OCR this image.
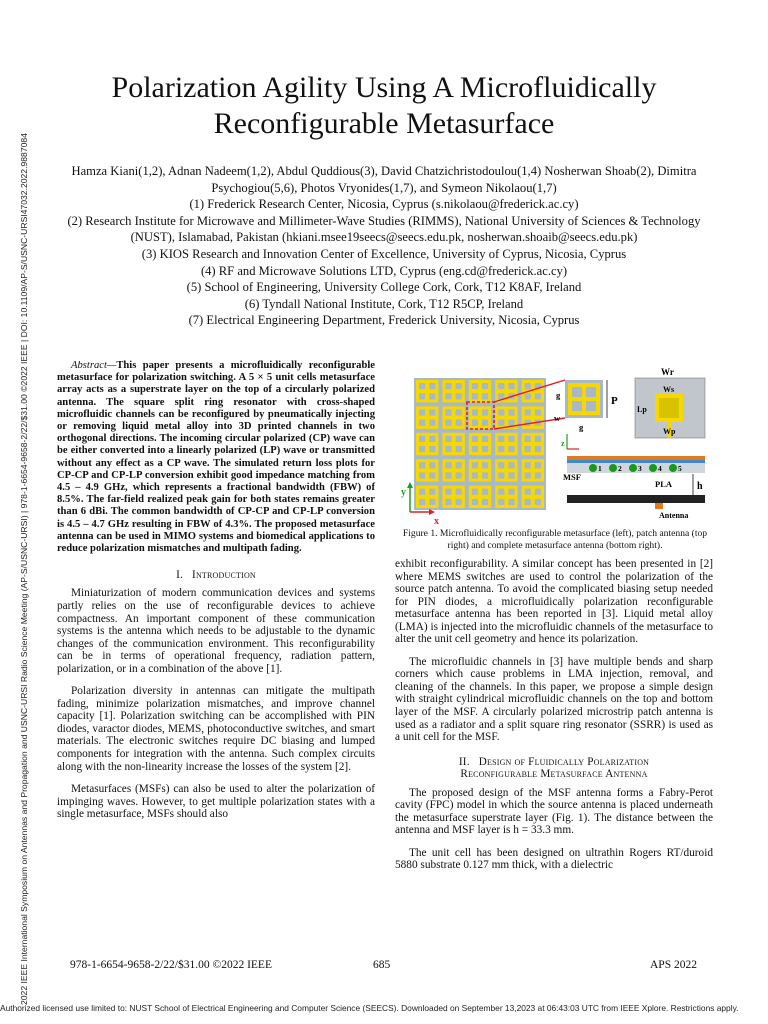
2022 IEEE International Symposium on Antennas and Propagation and USNC-URSI Radio Science Meeting (AP-S/USNC-URSI) | 978-1-6654-9658-2/22/$31.00 ©2022 IEEE | DOI: 10.1109/AP-S/USNC-URSI47032.2022.9887084
Polarization Agility Using A Microfluidically Reconfigurable Metasurface
Hamza Kiani(1,2), Adnan Nadeem(1,2), Abdul Quddious(3), David Chatzichristodoulou(1,4) Nosherwan Shoab(2), Dimitra
Psychogiou(5,6), Photos Vryonides(1,7), and Symeon Nikolaou(1,7)
(1) Frederick Research Center, Nicosia, Cyprus (s.nikolaou@frederick.ac.cy)
(2) Research Institute for Microwave and Millimeter-Wave Studies (RIMMS), National University of Sciences & Technology (NUST), Islamabad, Pakistan (hkiani.msee19seecs@seecs.edu.pk, nosherwan.shoaib@seecs.edu.pk)
(3) KIOS Research and Innovation Center of Excellence, University of Cyprus, Nicosia, Cyprus
(4) RF and Microwave Solutions LTD, Cyprus (eng.cd@frederick.ac.cy)
(5) School of Engineering, University College Cork, Cork, T12 K8AF, Ireland
(6) Tyndall National Institute, Cork, T12 R5CP, Ireland
(7) Electrical Engineering Department, Frederick University, Nicosia, Cyprus

Abstract—This paper presents a microfluidically reconfigurable metasurface for polarization switching. A 5 × 5 unit cells metasurface array acts as a superstrate layer on the top of a circularly polarized antenna. The square split ring resonator with cross-shaped microfluidic channels can be reconfigured by pneumatically injecting or removing liquid metal alloy into 3D printed channels in two orthogonal directions. The incoming circular polarized (CP) wave can be either converted into a linearly polarized (LP) wave or transmitted without any effect as a CP wave. The simulated return loss plots for CP-CP and CP-LP conversion exhibit good impedance matching from 4.5 – 4.9 GHz, which represents a fractional bandwidth (FBW) of 8.5%. The far-field realized peak gain for both states remains greater than 6 dBi. The common bandwidth of CP-CP and CP-LP conversion is 4.5 – 4.7 GHz resulting in FBW of 4.3%. The proposed metasurface antenna can be used in MIMO systems and biomedical applications to reduce polarization mismatches and multipath fading.

I. Introduction

Miniaturization of modern communication devices and systems partly relies on the use of reconfigurable devices to achieve compactness. An important component of these communication systems is the antenna which needs to be adjustable to the dynamic changes of the communication environment. This reconfigurability can be in terms of operational frequency, radiation pattern, polarization, or in a combination of the above [1].

Polarization diversity in antennas can mitigate the multipath fading, minimize polarization mismatches, and improve channel capacity [1]. Polarization switching can be accomplished with PIN diodes, varactor diodes, MEMS, photoconductive switches, and smart materials. The electronic switches require DC biasing and lumped components for integration with the antenna. Such complex circuits along with the non-linearity increase the losses of the system [2].

Metasurfaces (MSFs) can also be used to alter the polarization of impinging waves. However, to get multiple polarization states with a single metasurface, MSFs should also

y
x
P
g
w
g
Wr
Ws
Lp
Wp
z
1 2 3 4 5
MSF
PLA	h
Antenna
Figure 1. Microfluidically reconfigurable metasurface (left), patch antenna (top right) and complete metasurface antenna (bottom right).

exhibit reconfigurability. A similar concept has been presented in [2] where MEMS switches are used to control the polarization of the source patch antenna. To avoid the complicated biasing setup needed for PIN diodes, a microfluidically polarization reconfigurable metasurface antenna has been reported in [3]. Liquid metal alloy (LMA) is injected into the microfluidic channels of the metasurface to alter the unit cell geometry and hence its polarization.

The microfluidic channels in [3] have multiple bends and sharp corners which cause problems in LMA injection, removal, and cleaning of the channels. In this paper, we propose a simple design with straight cylindrical microfluidic channels on the top and bottom layer of the MSF. A circularly polarized microstrip patch antenna is used as a radiator and a split square ring resonator (SSRR) is used as a unit cell for the MSF.

II. Design of Fluidically Polarization
Reconfigurable Metasurface Antenna

The proposed design of the MSF antenna forms a Fabry-Perot cavity (FPC) model in which the source antenna is placed underneath the metasurface superstrate layer (Fig. 1). The distance between the antenna and MSF layer is h = 33.3 mm.

The unit cell has been designed on ultrathin Rogers RT/duroid 5880 substrate 0.127 mm thick, with a dielectric

978-1-6654-9658-2/22/$31.00 ©2022 IEEE	685	APS 2022
Authorized licensed use limited to: NUST School of Electrical Engineering and Computer Science (SEECS). Downloaded on September 13,2023 at 06:43:03 UTC from IEEE Xplore. Restrictions apply.
